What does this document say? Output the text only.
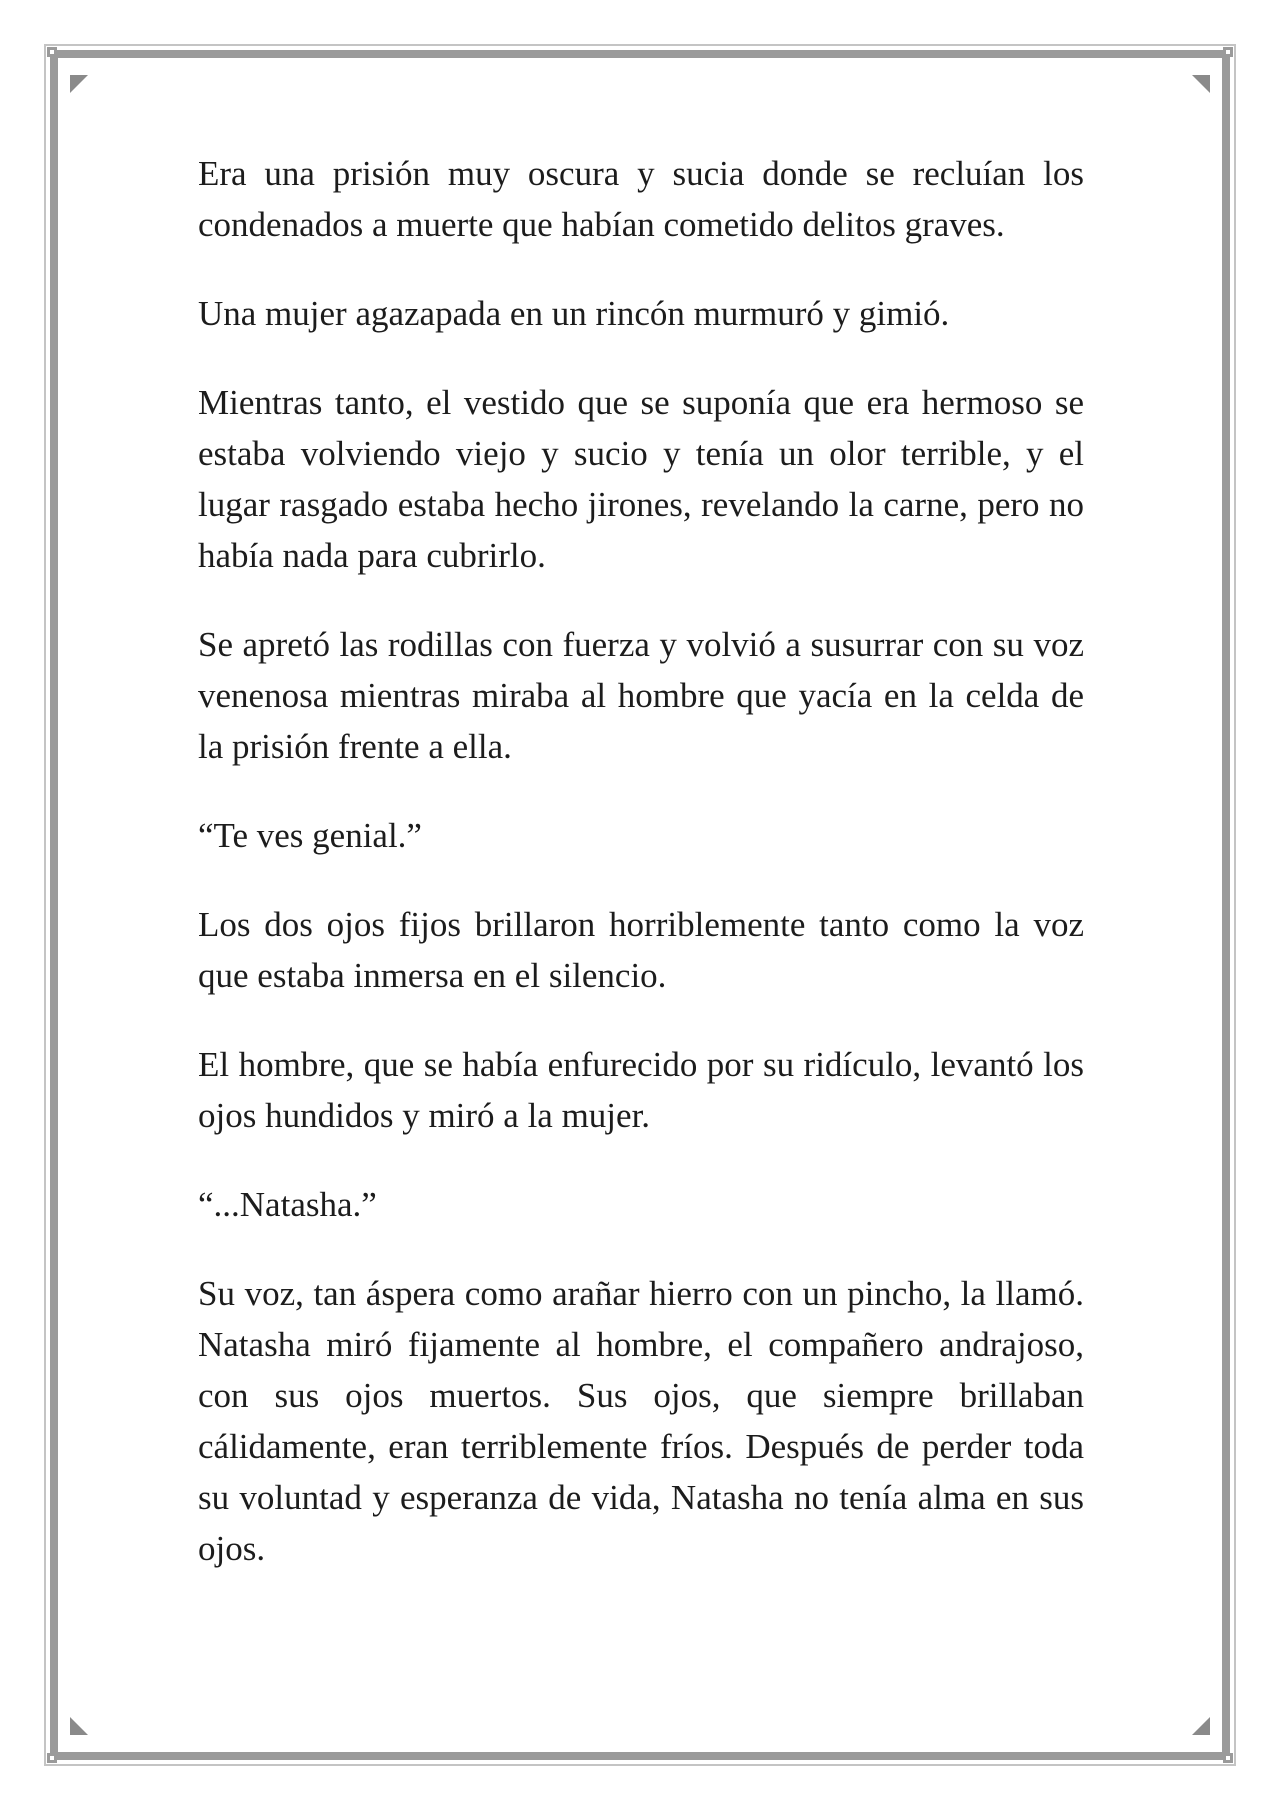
Era una prisión muy oscura y sucia donde se recluían los condenados a muerte que habían cometido delitos graves.

Una mujer agazapada en un rincón murmuró y gimió.

Mientras tanto, el vestido que se suponía que era hermoso se estaba volviendo viejo y sucio y tenía un olor terrible, y el lugar rasgado estaba hecho jirones, revelando la carne, pero no había nada para cubrirlo.

Se apretó las rodillas con fuerza y volvió a susurrar con su voz venenosa mientras miraba al hombre que yacía en la celda de la prisión frente a ella.

“Te ves genial.”

Los dos ojos fijos brillaron horriblemente tanto como la voz que estaba inmersa en el silencio.

El hombre, que se había enfurecido por su ridículo, levantó los ojos hundidos y miró a la mujer.

“...Natasha.”

Su voz, tan áspera como arañar hierro con un pincho, la llamó. Natasha miró fijamente al hombre, el compañero andrajoso, con sus ojos muertos. Sus ojos, que siempre brillaban cálidamente, eran terriblemente fríos. Después de perder toda su voluntad y esperanza de vida, Natasha no tenía alma en sus ojos.
